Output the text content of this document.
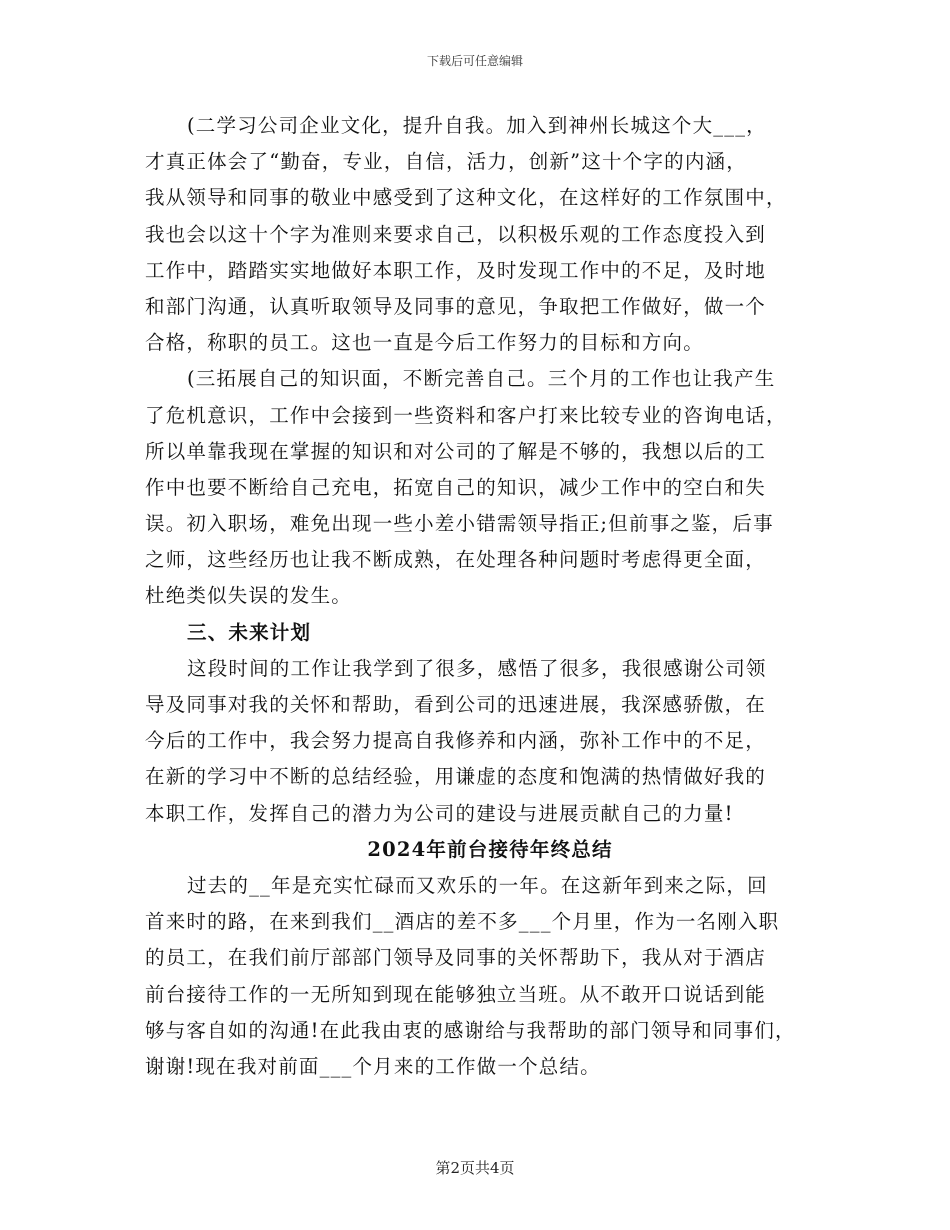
下载后可任意编辑
(二学习公司企业文化，提升自我。加入到神州长城这个大___，
才真正体会了“勤奋，专业，自信，活力，创新”这十个字的内涵，
我从领导和同事的敬业中感受到了这种文化，在这样好的工作氛围中，
我也会以这十个字为准则来要求自己，以积极乐观的工作态度投入到
工作中，踏踏实实地做好本职工作，及时发现工作中的不足，及时地
和部门沟通，认真听取领导及同事的意见，争取把工作做好，做一个
合格，称职的员工。这也一直是今后工作努力的目标和方向。
(三拓展自己的知识面，不断完善自己。三个月的工作也让我产生
了危机意识，工作中会接到一些资料和客户打来比较专业的咨询电话，
所以单靠我现在掌握的知识和对公司的了解是不够的，我想以后的工
作中也要不断给自己充电，拓宽自己的知识，减少工作中的空白和失
误。初入职场，难免出现一些小差小错需领导指正;但前事之鉴，后事
之师，这些经历也让我不断成熟，在处理各种问题时考虑得更全面，
杜绝类似失误的发生。
三、未来计划
这段时间的工作让我学到了很多，感悟了很多，我很感谢公司领
导及同事对我的关怀和帮助，看到公司的迅速进展，我深感骄傲，在
今后的工作中，我会努力提高自我修养和内涵，弥补工作中的不足，
在新的学习中不断的总结经验，用谦虚的态度和饱满的热情做好我的
本职工作，发挥自己的潜力为公司的建设与进展贡献自己的力量!
2024年前台接待年终总结
过去的__年是充实忙碌而又欢乐的一年。在这新年到来之际，回
首来时的路，在来到我们__酒店的差不多___个月里，作为一名刚入职
的员工，在我们前厅部部门领导及同事的关怀帮助下，我从对于酒店
前台接待工作的一无所知到现在能够独立当班。从不敢开口说话到能
够与客自如的沟通!在此我由衷的感谢给与我帮助的部门领导和同事们，
谢谢!现在我对前面___个月来的工作做一个总结。
第2页共4页
